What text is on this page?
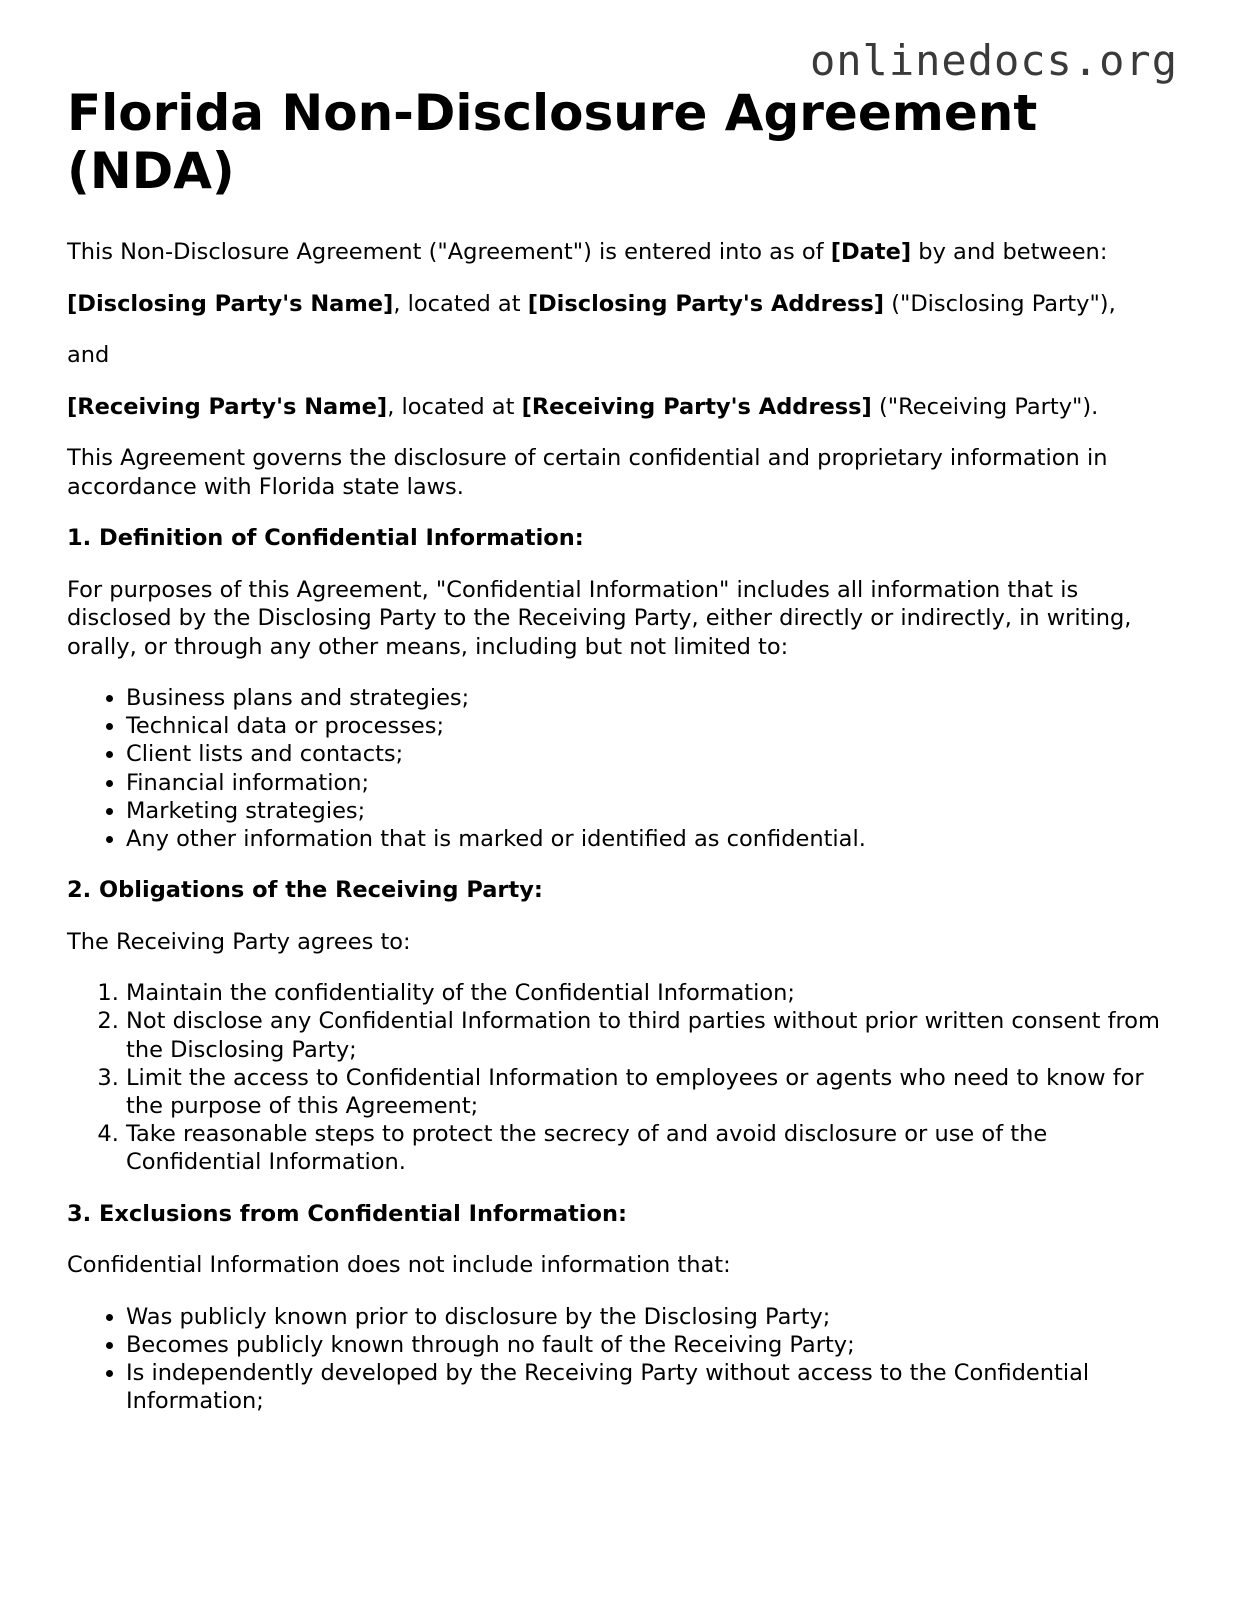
onlinedocs.org
Florida Non-Disclosure Agreement (NDA)

This Non-Disclosure Agreement ("Agreement") is entered into as of [Date] by and between:

[Disclosing Party's Name], located at [Disclosing Party's Address] ("Disclosing Party"),

and

[Receiving Party's Name], located at [Receiving Party's Address] ("Receiving Party").

This Agreement governs the disclosure of certain confidential and proprietary information in accordance with Florida state laws.

1. Definition of Confidential Information:

For purposes of this Agreement, "Confidential Information" includes all information that is disclosed by the Disclosing Party to the Receiving Party, either directly or indirectly, in writing, orally, or through any other means, including but not limited to:

• Business plans and strategies;
• Technical data or processes;
• Client lists and contacts;
• Financial information;
• Marketing strategies;
• Any other information that is marked or identified as confidential.
2. Obligations of the Receiving Party:

The Receiving Party agrees to:

1. Maintain the confidentiality of the Confidential Information;
2. Not disclose any Confidential Information to third parties without prior written consent from the Disclosing Party;
3. Limit the access to Confidential Information to employees or agents who need to know for the purpose of this Agreement;
4. Take reasonable steps to protect the secrecy of and avoid disclosure or use of the Confidential Information.
3. Exclusions from Confidential Information:

Confidential Information does not include information that:

• Was publicly known prior to disclosure by the Disclosing Party;
• Becomes publicly known through no fault of the Receiving Party;
• Is independently developed by the Receiving Party without access to the Confidential Information;
